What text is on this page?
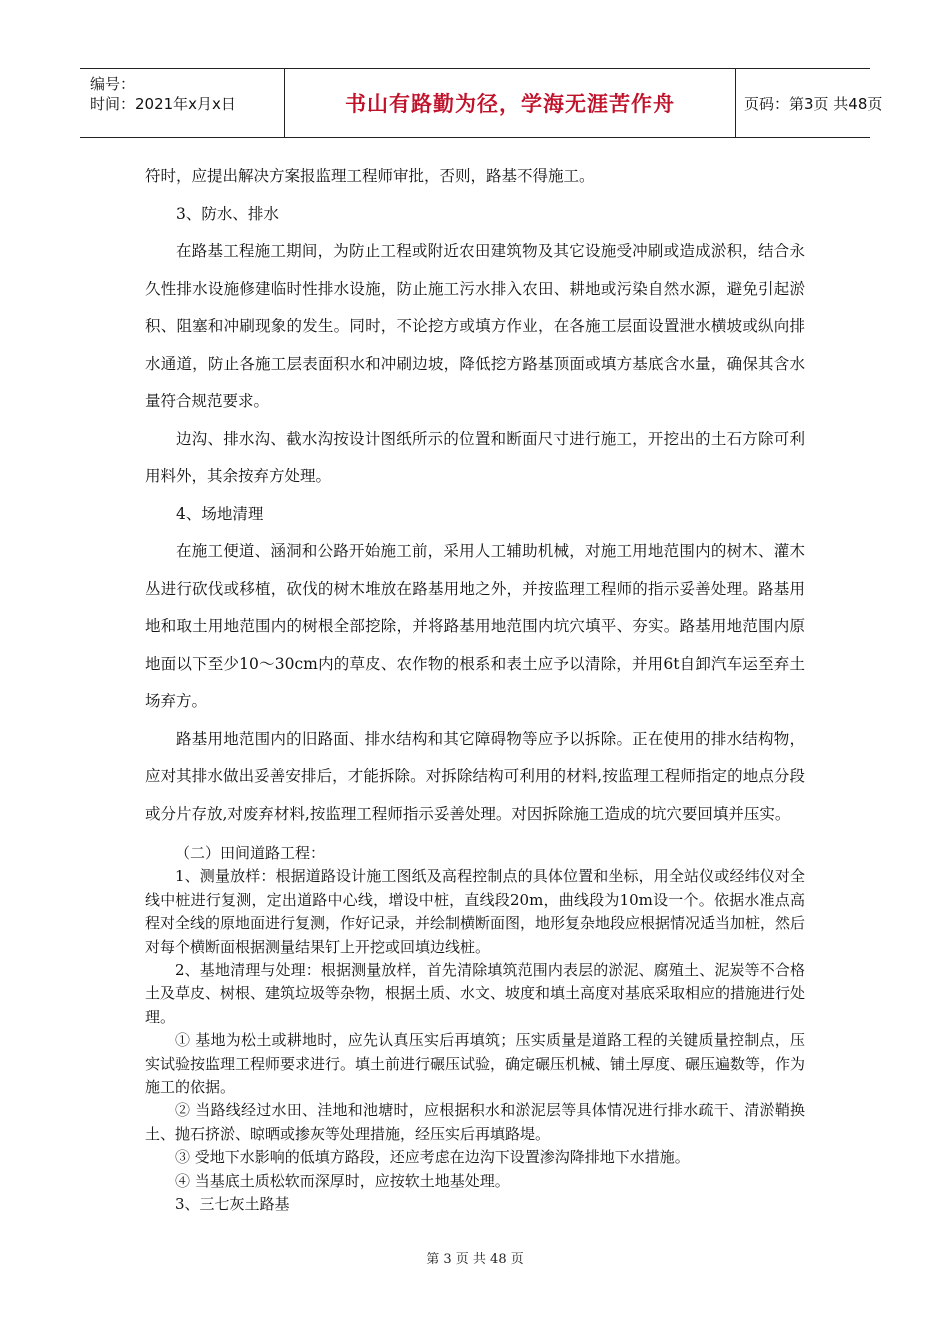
编号：
时间：2021年x月x日	书山有路勤为径，学海无涯苦作舟	页码：第3页 共48页

符时，应提出解决方案报监理工程师审批，否则，路基不得施工。

3、防水、排水

在路基工程施工期间，为防止工程或附近农田建筑物及其它设施受冲刷或造成淤积，结合永久性排水设施修建临时性排水设施，防止施工污水排入农田、耕地或污染自然水源，避免引起淤积、阻塞和冲刷现象的发生。同时，不论挖方或填方作业，在各施工层面设置泄水横坡或纵向排水通道，防止各施工层表面积水和冲刷边坡，降低挖方路基顶面或填方基底含水量，确保其含水量符合规范要求。

边沟、排水沟、截水沟按设计图纸所示的位置和断面尺寸进行施工，开挖出的土石方除可利用料外，其余按弃方处理。

4、场地清理

在施工便道、涵洞和公路开始施工前，采用人工辅助机械，对施工用地范围内的树木、灌木丛进行砍伐或移植，砍伐的树木堆放在路基用地之外，并按监理工程师的指示妥善处理。路基用地和取土用地范围内的树根全部挖除，并将路基用地范围内坑穴填平、夯实。路基用地范围内原地面以下至少10～30cm内的草皮、农作物的根系和表土应予以清除，并用6t自卸汽车运至弃土场弃方。

路基用地范围内的旧路面、排水结构和其它障碍物等应予以拆除。正在使用的排水结构物，应对其排水做出妥善安排后，才能拆除。对拆除结构可利用的材料,按监理工程师指定的地点分段或分片存放,对废弃材料,按监理工程师指示妥善处理。对因拆除施工造成的坑穴要回填并压实。

（二）田间道路工程：

1、测量放样：根据道路设计施工图纸及高程控制点的具体位置和坐标，用全站仪或经纬仪对全线中桩进行复测，定出道路中心线，增设中桩，直线段20m，曲线段为10m设一个。依据水准点高程对全线的原地面进行复测，作好记录，并绘制横断面图，地形复杂地段应根据情况适当加桩，然后对每个横断面根据测量结果钉上开挖或回填边线桩。

2、基地清理与处理：根据测量放样，首先清除填筑范围内表层的淤泥、腐殖土、泥炭等不合格土及草皮、树根、建筑垃圾等杂物，根据土质、水文、坡度和填土高度对基底采取相应的措施进行处理。

① 基地为松土或耕地时，应先认真压实后再填筑；压实质量是道路工程的关键质量控制点，压实试验按监理工程师要求进行。填土前进行碾压试验，确定碾压机械、铺土厚度、碾压遍数等，作为施工的依据。

② 当路线经过水田、洼地和池塘时，应根据积水和淤泥层等具体情况进行排水疏干、清淤鞘换土、抛石挤淤、晾晒或掺灰等处理措施，经压实后再填路堤。

③ 受地下水影响的低填方路段，还应考虑在边沟下设置渗沟降排地下水措施。

④ 当基底土质松软而深厚时，应按软土地基处理。

3、三七灰土路基

第 3 页 共 48 页
